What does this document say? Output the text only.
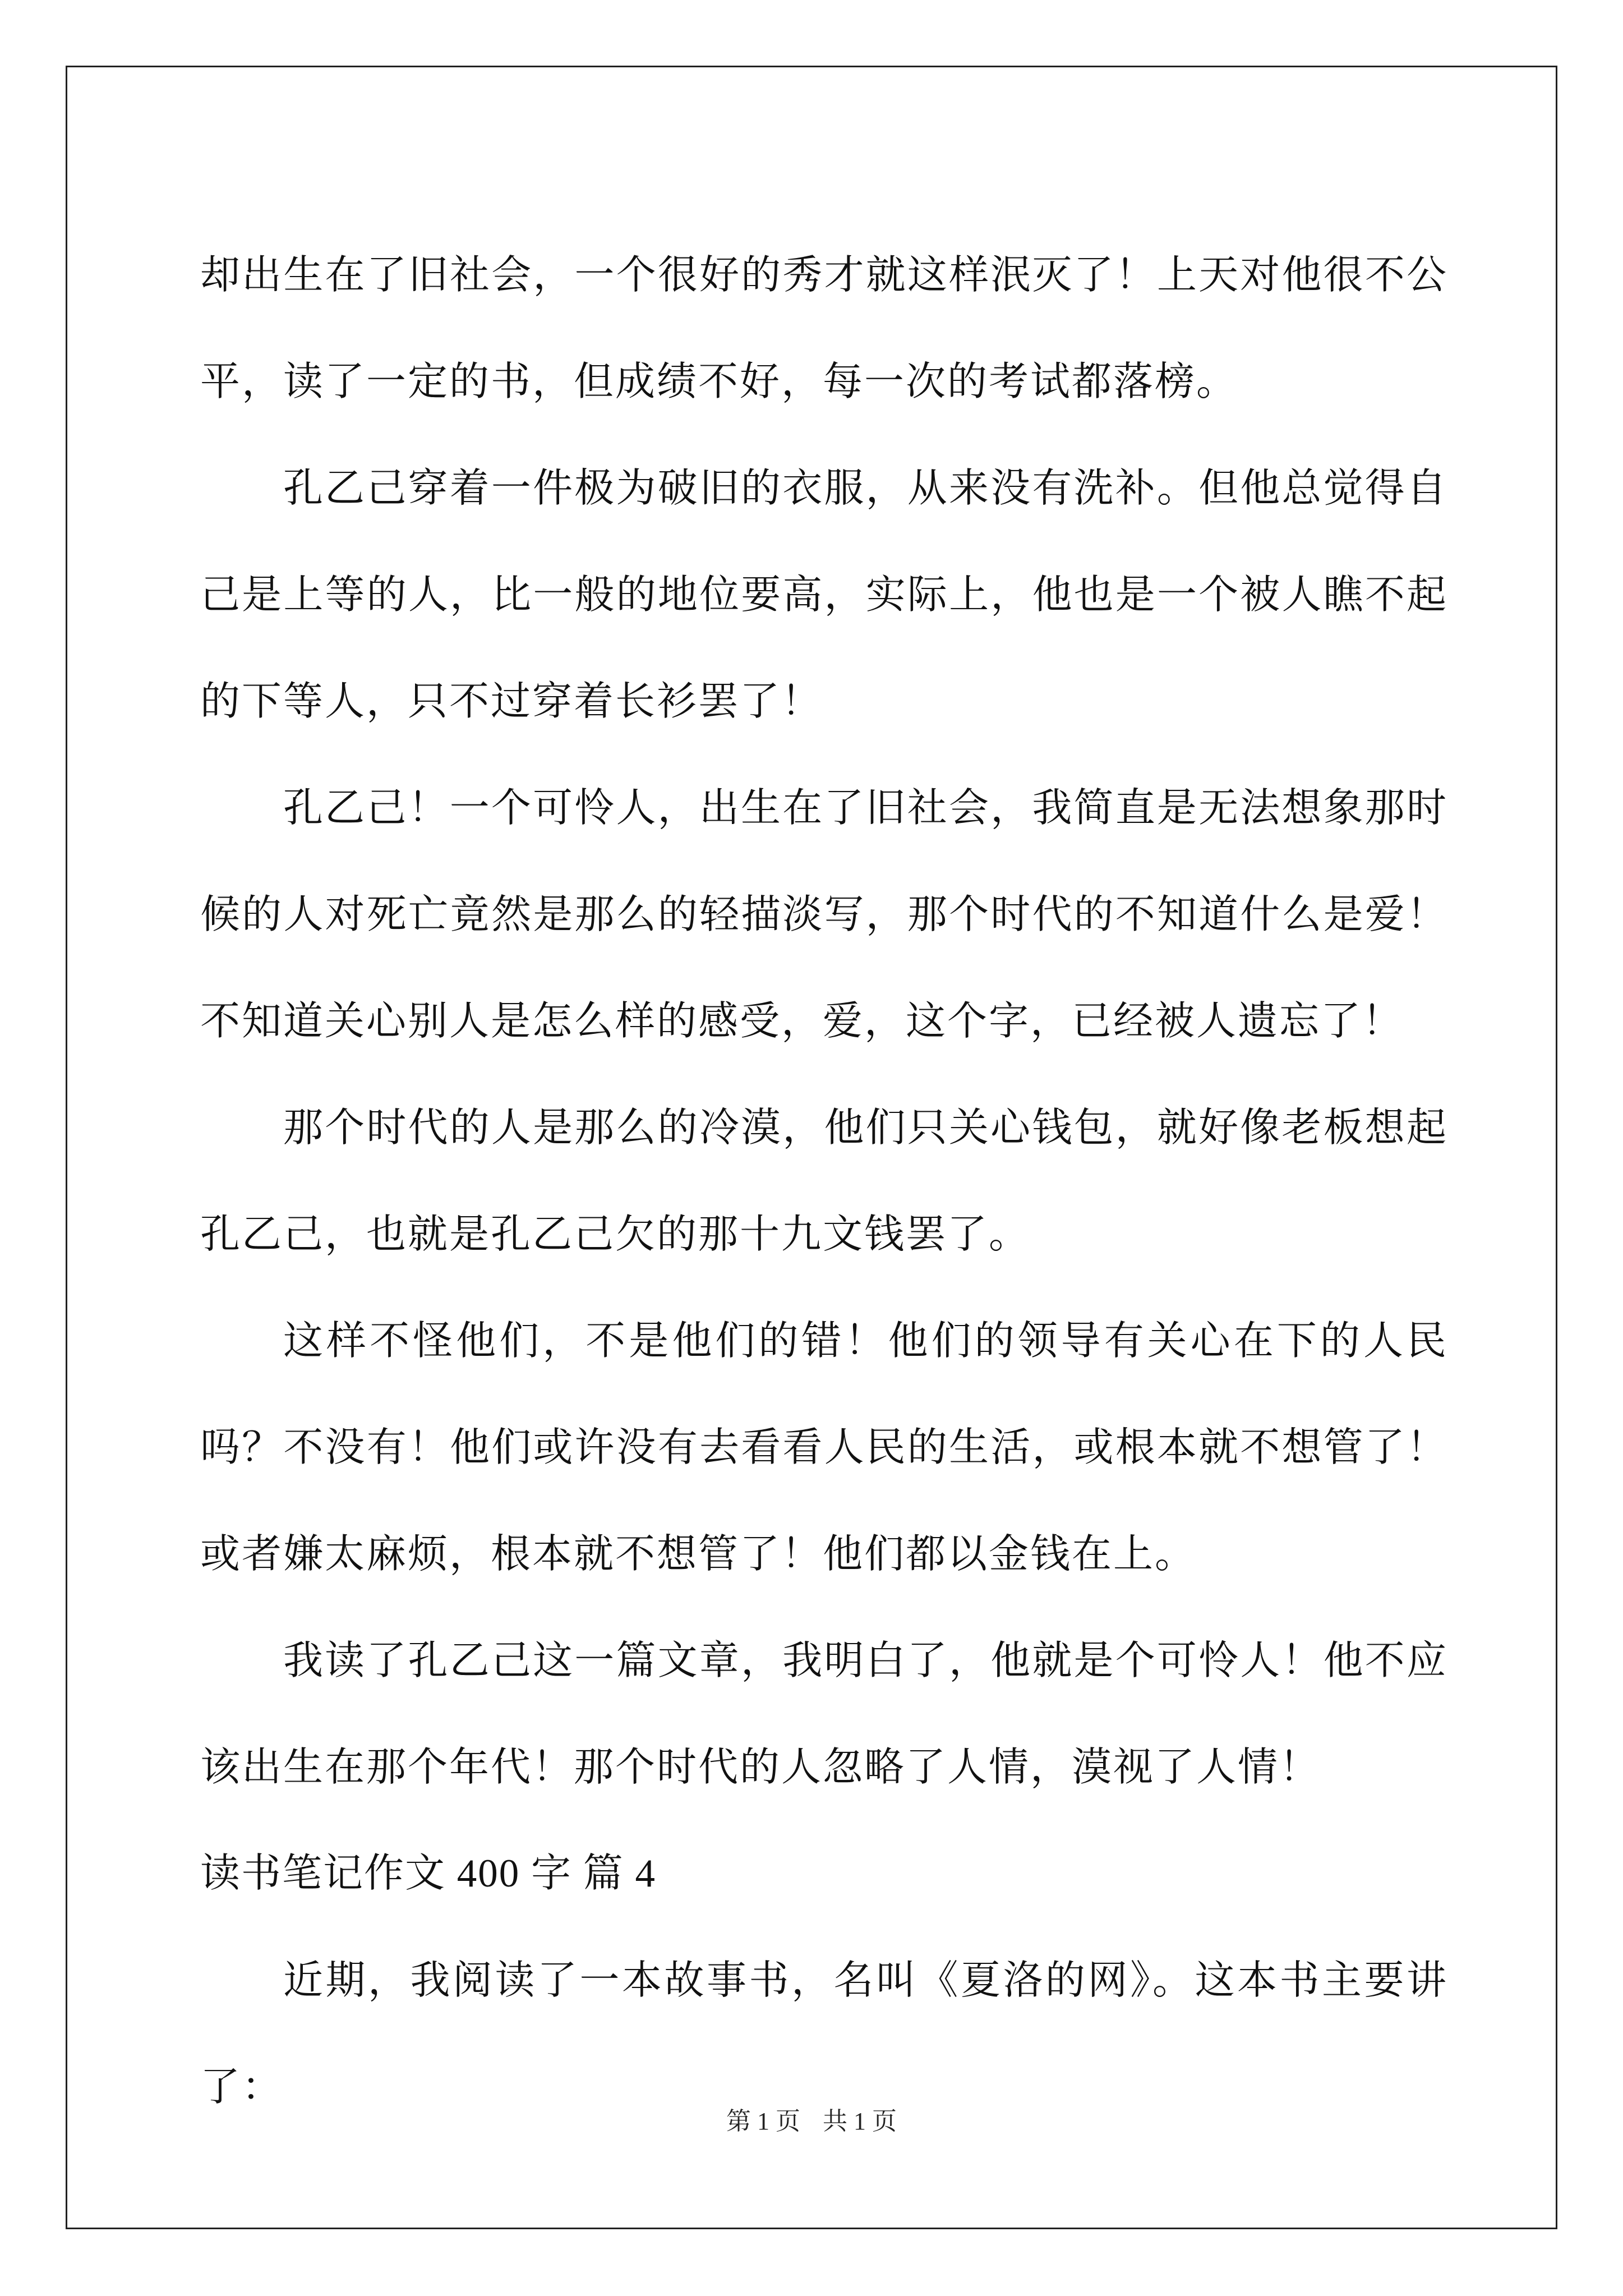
却出生在了旧社会，一个很好的秀才就这样泯灭了！上天对他很不公平，读了一定的书，但成绩不好，每一次的考试都落榜。

孔乙己穿着一件极为破旧的衣服，从来没有洗补。但他总觉得自己是上等的人，比一般的地位要高，实际上，他也是一个被人瞧不起的下等人，只不过穿着长衫罢了！

孔乙己！一个可怜人，出生在了旧社会，我简直是无法想象那时候的人对死亡竟然是那么的轻描淡写，那个时代的不知道什么是爱！不知道关心别人是怎么样的感受，爱，这个字，已经被人遗忘了！

那个时代的人是那么的冷漠，他们只关心钱包，就好像老板想起孔乙己，也就是孔乙己欠的那十九文钱罢了。

这样不怪他们，不是他们的错！他们的领导有关心在下的人民吗？不没有！他们或许没有去看看人民的生活，或根本就不想管了！或者嫌太麻烦，根本就不想管了！他们都以金钱在上。

我读了孔乙己这一篇文章，我明白了，他就是个可怜人！他不应该出生在那个年代！那个时代的人忽略了人情，漠视了人情！

读书笔记作文 400 字 篇 4

近期，我阅读了一本故事书，名叫《夏洛的网》。这本书主要讲了：

第 1 页 共 1 页
